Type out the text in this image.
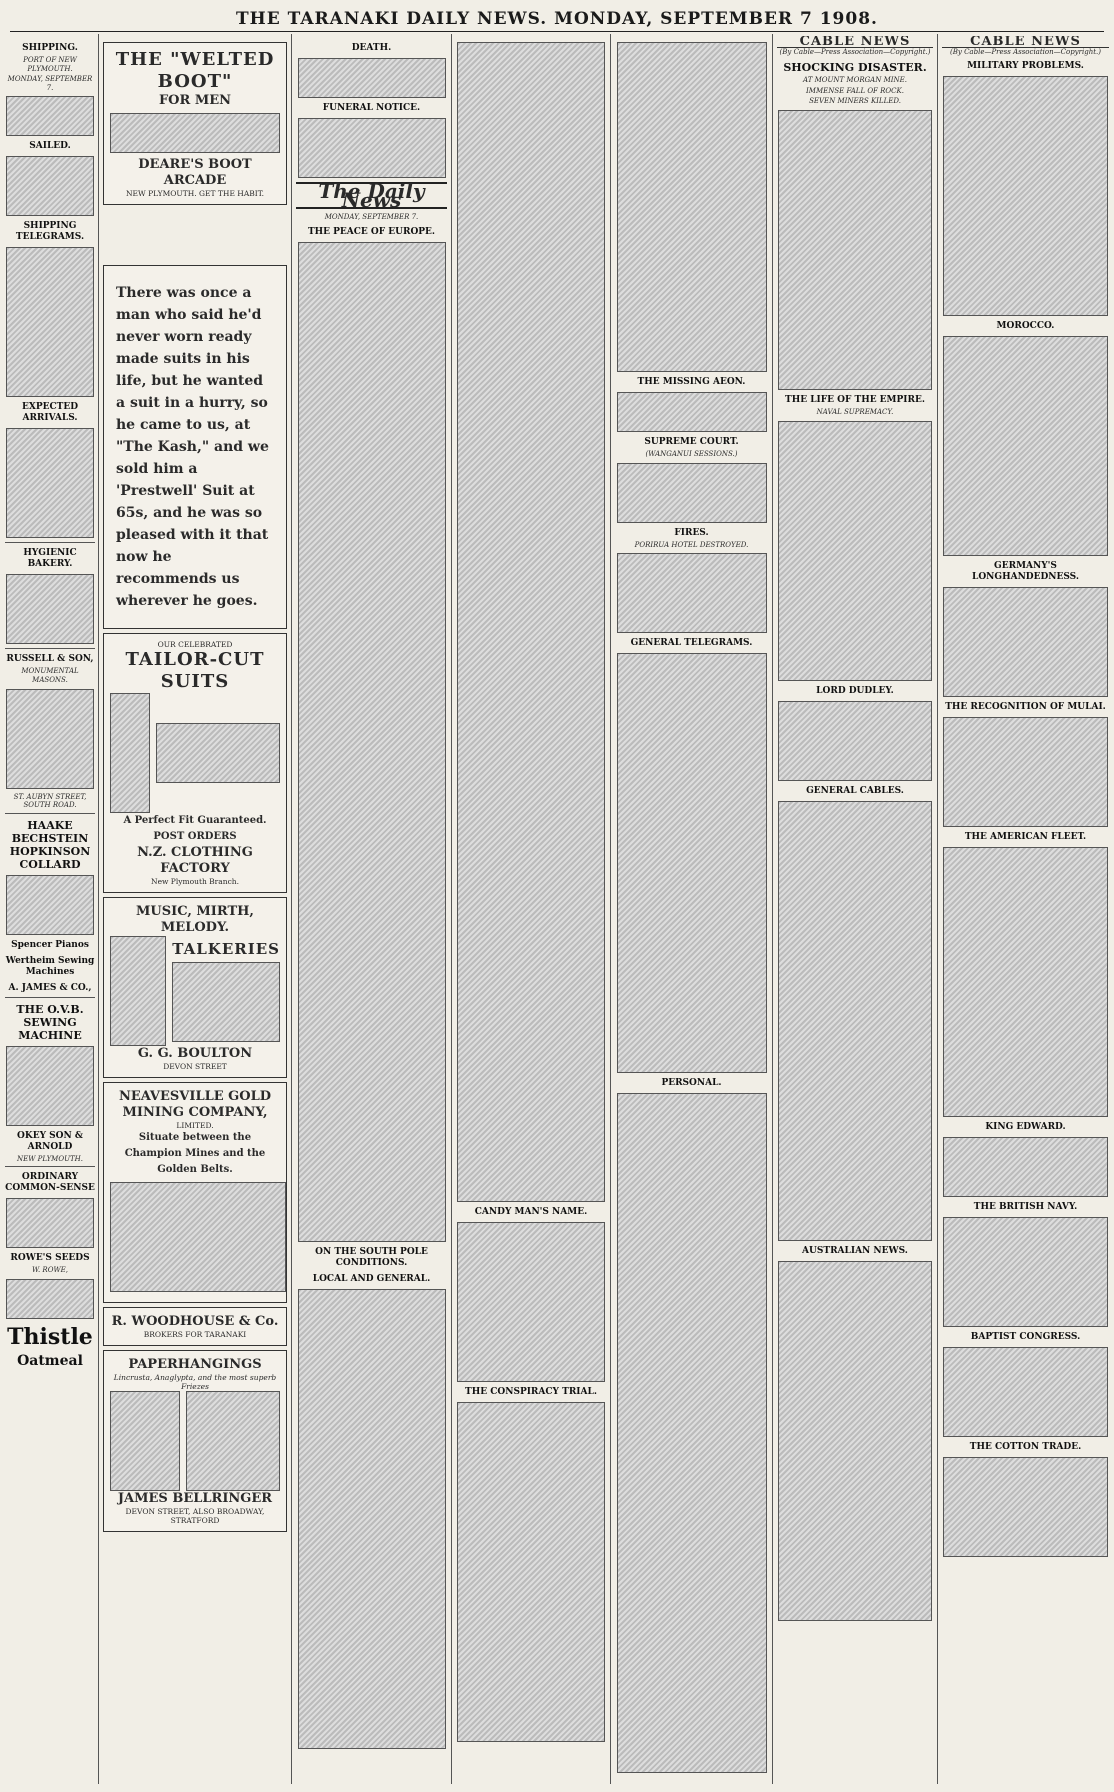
THE TARANAKI DAILY NEWS. MONDAY, SEPTEMBER 7 1908.
SHIPPING.
PORT OF NEW PLYMOUTH.
MONDAY, SEPTEMBER 7.
SAILED.
SHIPPING TELEGRAMS.
EXPECTED ARRIVALS.
HYGIENIC BAKERY.
RUSSELL & SON,
MONUMENTAL MASONS.
ST. AUBYN STREET, SOUTH ROAD.
HAAKE BECHSTEIN HOPKINSON COLLARD
Spencer Pianos
Wertheim Sewing Machines
A. JAMES & CO.,
THE O.V.B. SEWING MACHINE
OKEY SON & ARNOLD
NEW PLYMOUTH.
ORDINARY COMMON-SENSE
ROWE'S SEEDS
W. ROWE,
Thistle
Oatmeal
THE "WELTED BOOT"
FOR MEN
DEARE'S BOOT ARCADE
NEW PLYMOUTH. GET THE HABIT.
There was once a man who said he'd never worn ready made suits in his life, but he wanted a suit in a hurry, so he came to us, at "The Kash," and we sold him a 'Prestwell' Suit at 65s, and he was so pleased with it that now he recommends us wherever he goes.
OUR CELEBRATED
TAILOR-CUT SUITS
A Perfect Fit Guaranteed.
POST ORDERS
N.Z. CLOTHING FACTORY
New Plymouth Branch.
MUSIC, MIRTH, MELODY.
TALKERIES
G. G. BOULTON
DEVON STREET
NEAVESVILLE GOLD MINING COMPANY,
LIMITED.
Situate between the Champion Mines and the Golden Belts.
R. WOODHOUSE & Co.
BROKERS FOR TARANAKI
PAPERHANGINGS
Lincrusta, Anaglypta, and the most superb Friezes
JAMES BELLRINGER
DEVON STREET, ALSO BROADWAY, STRATFORD
DEATH.
FUNERAL NOTICE.
The Daily News
MONDAY, SEPTEMBER 7.
THE PEACE OF EUROPE.
ON THE SOUTH POLE CONDITIONS.
LOCAL AND GENERAL.
CANDY MAN'S NAME.
THE CONSPIRACY TRIAL.
THE MISSING AEON.
SUPREME COURT.
(WANGANUI SESSIONS.)
FIRES.
PORIRUA HOTEL DESTROYED.
GENERAL TELEGRAMS.
PERSONAL.
CABLE NEWS
(By Cable—Press Association—Copyright.)
SHOCKING DISASTER.
AT MOUNT MORGAN MINE.
IMMENSE FALL OF ROCK.
SEVEN MINERS KILLED.
THE LIFE OF THE EMPIRE.
NAVAL SUPREMACY.
LORD DUDLEY.
GENERAL CABLES.
AUSTRALIAN NEWS.
CABLE NEWS
(By Cable—Press Association—Copyright.)
MILITARY PROBLEMS.
MOROCCO.
GERMANY'S LONGHANDEDNESS.
THE RECOGNITION OF MULAI.
THE AMERICAN FLEET.
KING EDWARD.
THE BRITISH NAVY.
BAPTIST CONGRESS.
THE COTTON TRADE.
